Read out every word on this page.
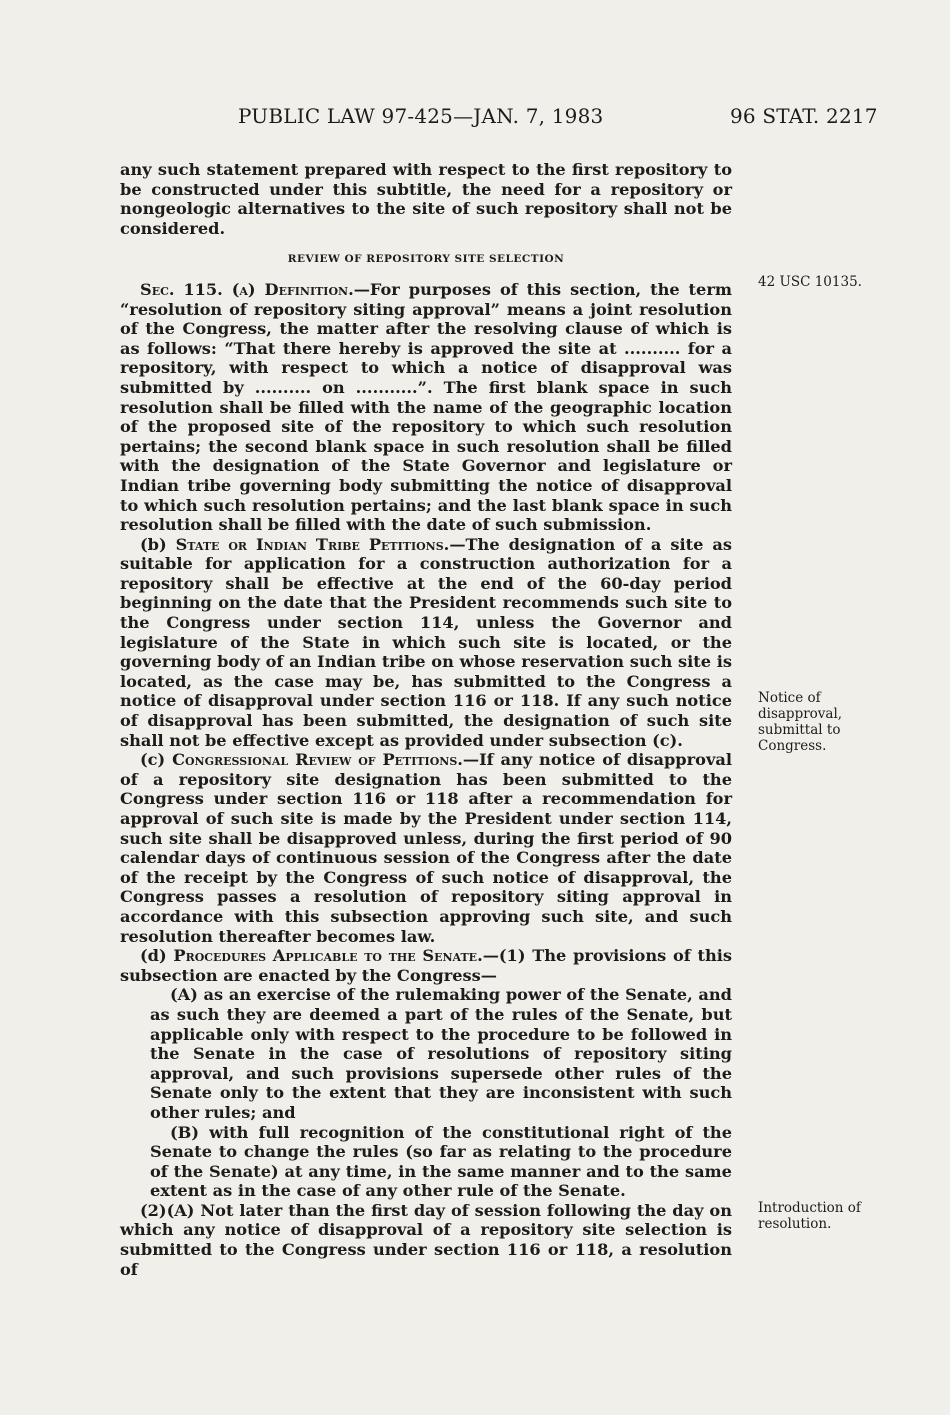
PUBLIC LAW 97-425—JAN. 7, 1983	96 STAT. 2217

any such statement prepared with respect to the first repository to be constructed under this subtitle, the need for a repository or nongeologic alternatives to the site of such repository shall not be considered.

REVIEW OF REPOSITORY SITE SELECTION

Sec. 115. (a) Definition.—For purposes of this section, the term “resolution of repository siting approval” means a joint resolution of the Congress, the matter after the resolving clause of which is as follows: “That there hereby is approved the site at .......... for a repository, with respect to which a notice of disapproval was submitted by .......... on ...........”. The first blank space in such resolution shall be filled with the name of the geographic location of the proposed site of the repository to which such resolution pertains; the second blank space in such resolution shall be filled with the designation of the State Governor and legislature or Indian tribe governing body submitting the notice of disapproval to which such resolution pertains; and the last blank space in such resolution shall be filled with the date of such submission.

(b) State or Indian Tribe Petitions.—The designation of a site as suitable for application for a construction authorization for a repository shall be effective at the end of the 60-day period beginning on the date that the President recommends such site to the Congress under section 114, unless the Governor and legislature of the State in which such site is located, or the governing body of an Indian tribe on whose reservation such site is located, as the case may be, has submitted to the Congress a notice of disapproval under section 116 or 118. If any such notice of disapproval has been submitted, the designation of such site shall not be effective except as provided under subsection (c).

(c) Congressional Review of Petitions.—If any notice of disapproval of a repository site designation has been submitted to the Congress under section 116 or 118 after a recommendation for approval of such site is made by the President under section 114, such site shall be disapproved unless, during the first period of 90 calendar days of continuous session of the Congress after the date of the receipt by the Congress of such notice of disapproval, the Congress passes a resolution of repository siting approval in accordance with this subsection approving such site, and such resolution thereafter becomes law.

(d) Procedures Applicable to the Senate.—(1) The provisions of this subsection are enacted by the Congress—

(A) as an exercise of the rulemaking power of the Senate, and as such they are deemed a part of the rules of the Senate, but applicable only with respect to the procedure to be followed in the Senate in the case of resolutions of repository siting approval, and such provisions supersede other rules of the Senate only to the extent that they are inconsistent with such other rules; and

(B) with full recognition of the constitutional right of the Senate to change the rules (so far as relating to the procedure of the Senate) at any time, in the same manner and to the same extent as in the case of any other rule of the Senate.

(2)(A) Not later than the first day of session following the day on which any notice of disapproval of a repository site selection is submitted to the Congress under section 116 or 118, a resolution of

42 USC 10135.
Notice of disapproval, submittal to Congress.
Introduction of resolution.
